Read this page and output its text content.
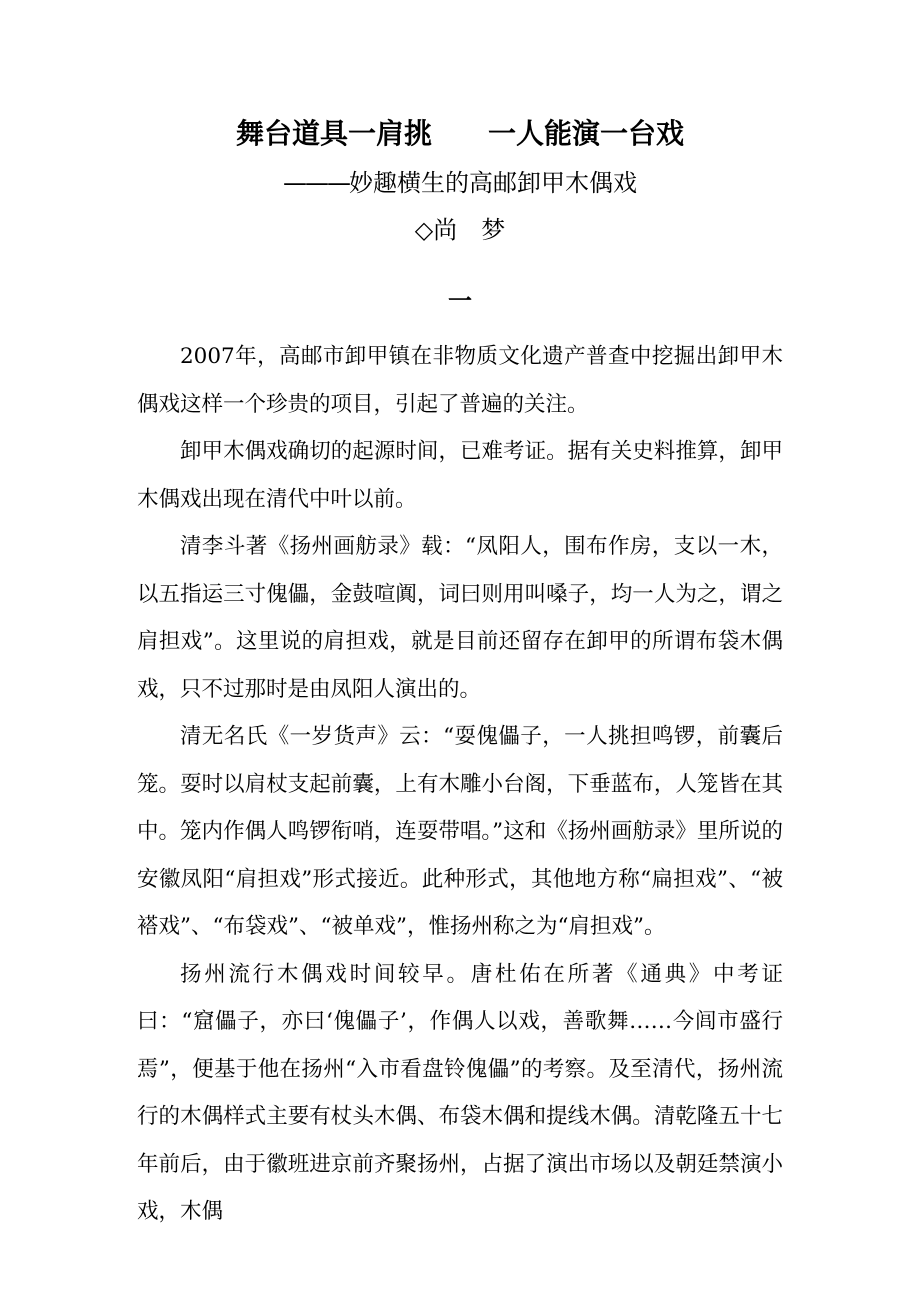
舞台道具一肩挑　　一人能演一台戏
———妙趣横生的高邮卸甲木偶戏
◇尚　梦
一

2007年，高邮市卸甲镇在非物质文化遗产普查中挖掘出卸甲木偶戏这样一个珍贵的项目，引起了普遍的关注。

卸甲木偶戏确切的起源时间，已难考证。据有关史料推算，卸甲木偶戏出现在清代中叶以前。

清李斗著《扬州画舫录》载：“凤阳人，围布作房，支以一木，以五指运三寸傀儡，金鼓喧阗，词曰则用叫嗓子，均一人为之，谓之肩担戏”。这里说的肩担戏，就是目前还留存在卸甲的所谓布袋木偶戏，只不过那时是由凤阳人演出的。

清无名氏《一岁货声》云：“耍傀儡子，一人挑担鸣锣，前囊后笼。耍时以肩杖支起前囊，上有木雕小台阁，下垂蓝布，人笼皆在其中。笼内作偶人鸣锣衔哨，连耍带唱。”这和《扬州画舫录》里所说的安徽凤阳“肩担戏”形式接近。此种形式，其他地方称“扁担戏”、“被褡戏”、“布袋戏”、“被单戏”，惟扬州称之为“肩担戏”。

扬州流行木偶戏时间较早。唐杜佑在所著《通典》中考证曰：“窟儡子，亦曰‘傀儡子’，作偶人以戏，善歌舞……今闾市盛行焉”，便基于他在扬州“入市看盘铃傀儡”的考察。及至清代，扬州流行的木偶样式主要有杖头木偶、布袋木偶和提线木偶。清乾隆五十七年前后，由于徽班进京前齐聚扬州，占据了演出市场以及朝廷禁演小戏，木偶
